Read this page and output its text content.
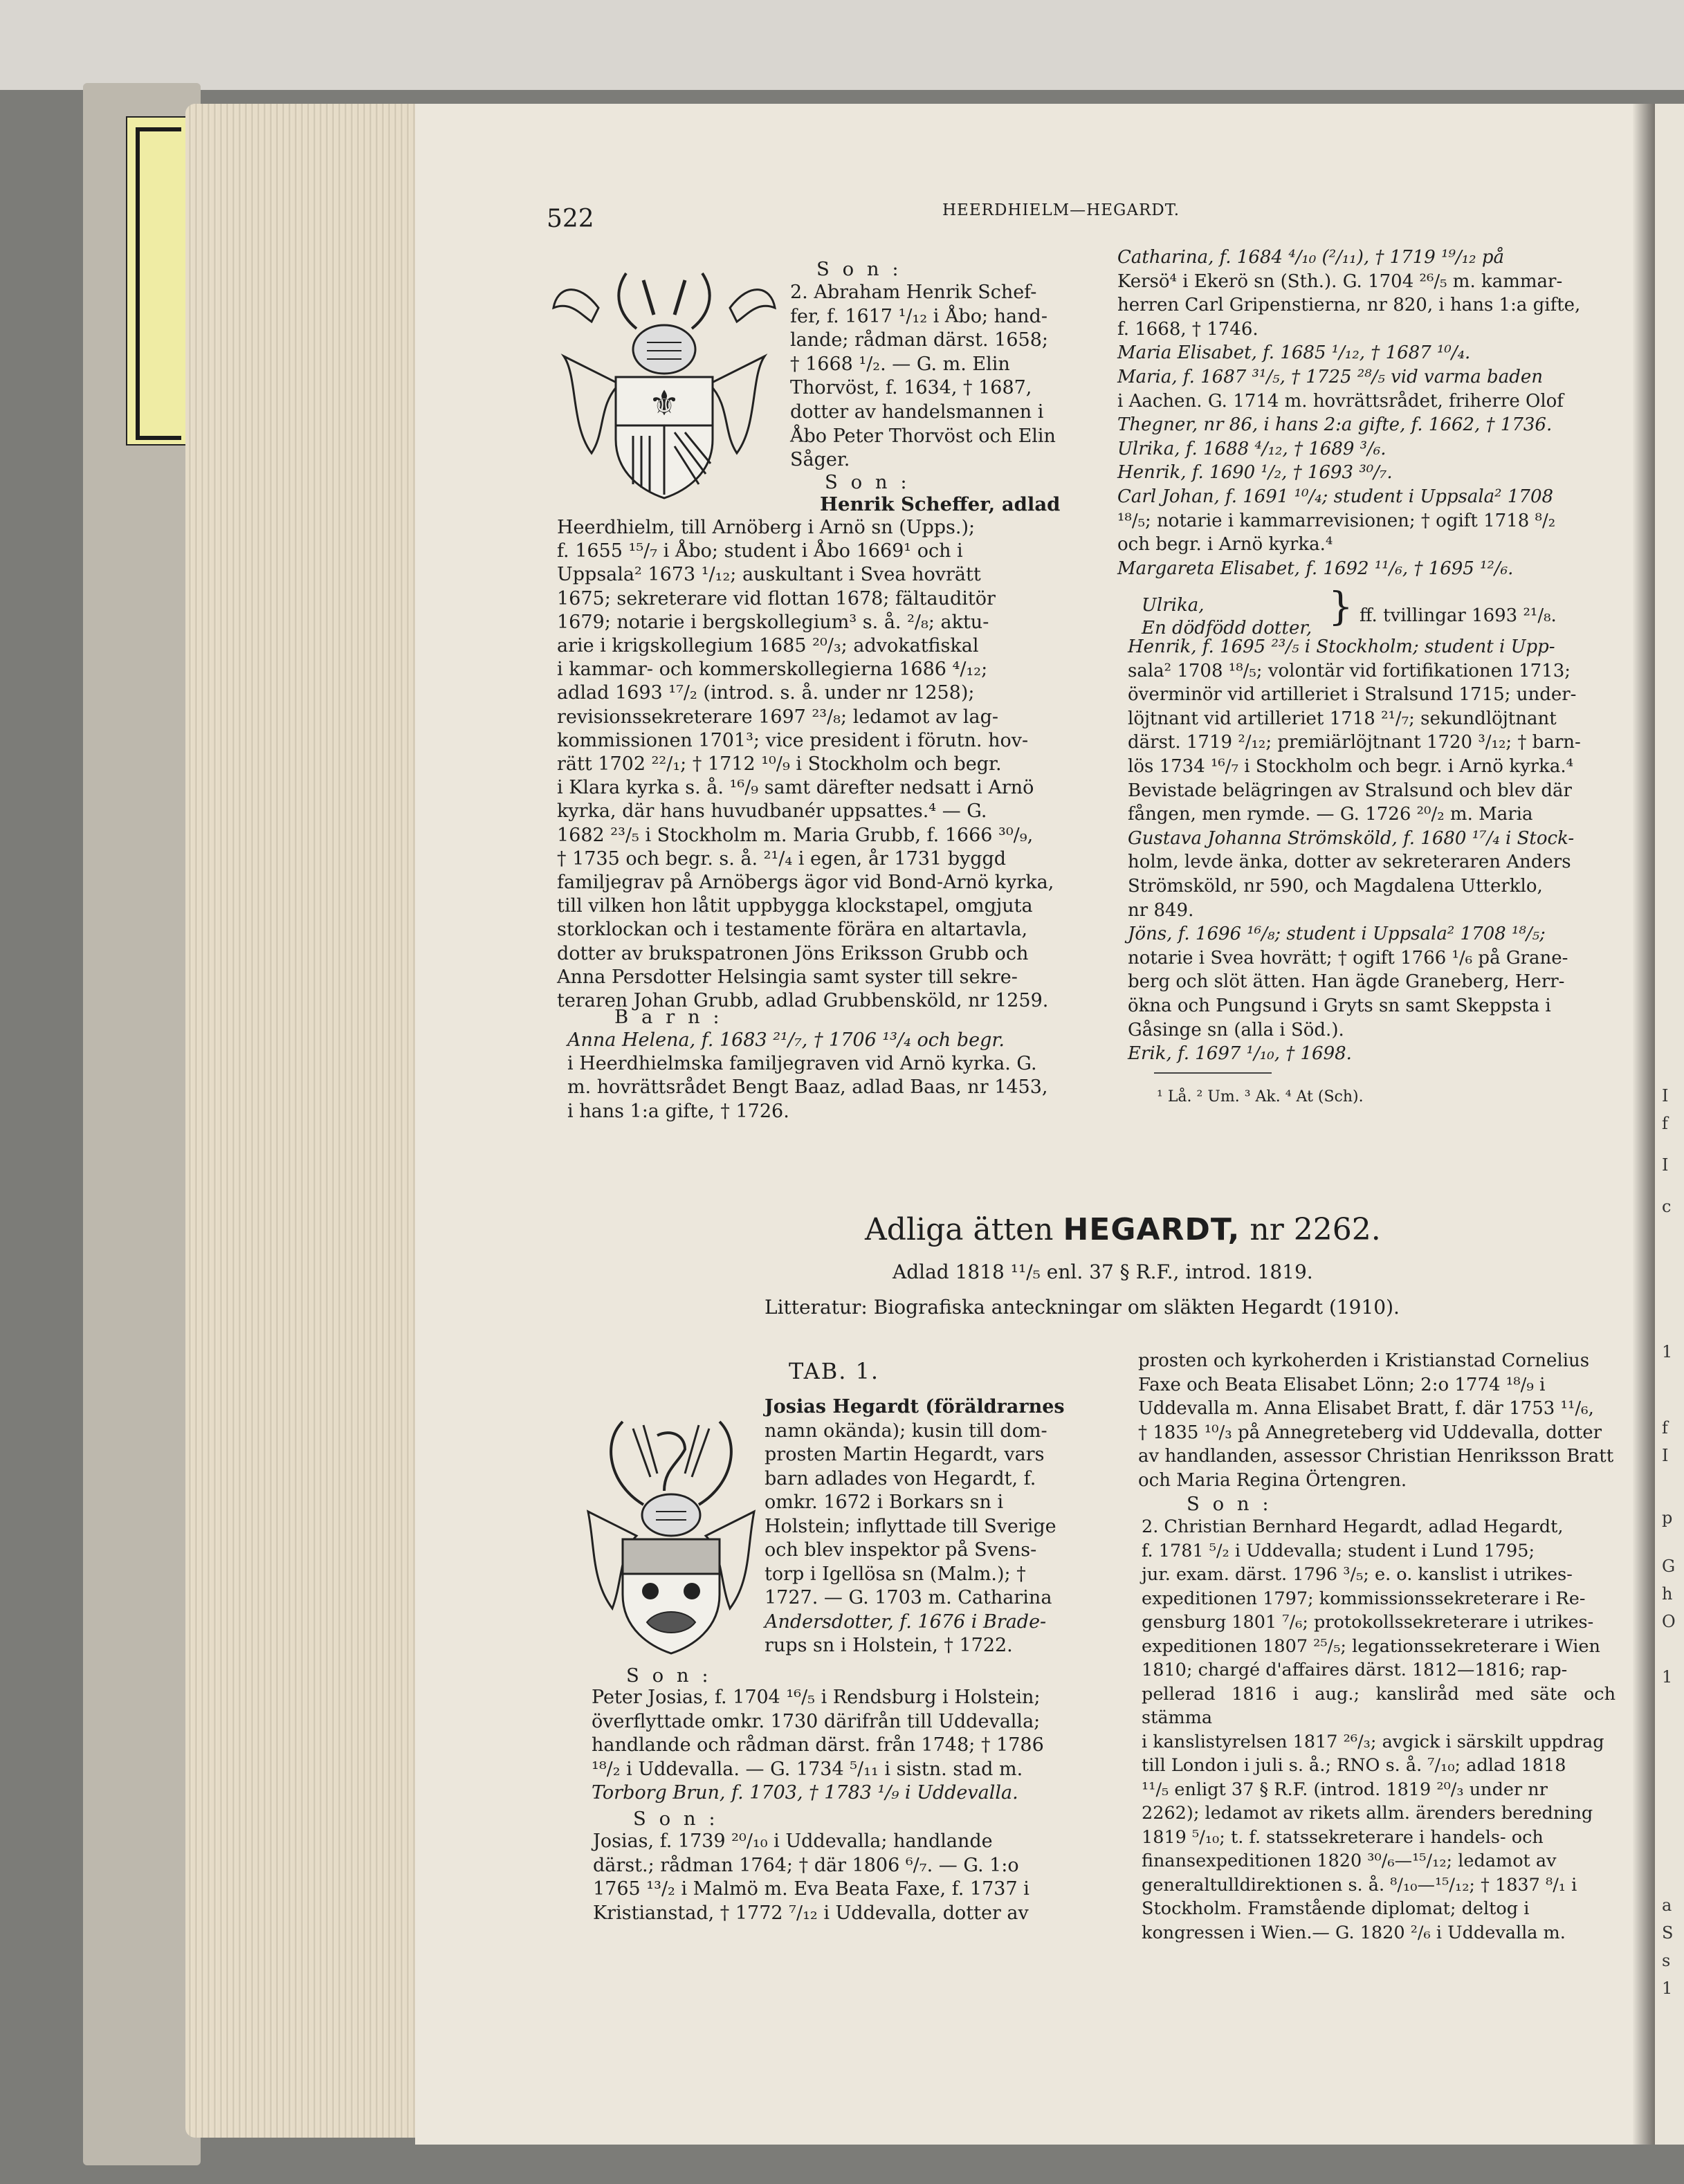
I
f
I
c
1
f
I
p
G
h
O
1
a
S
s
1
522	HEERDHIELM—HEGARDT.
⚜

S o n :

2. Abraham Henrik Schef-

fer, f. 1617 ¹/₁₂ i Åbo; hand-

lande; rådman därst. 1658;

† 1668 ¹/₂. — G. m. Elin

Thorvöst, f. 1634, † 1687,

dotter av handelsmannen i

Åbo Peter Thorvöst och Elin

Såger.

S o n :

Henrik Scheffer, adlad

Heerdhielm, till Arnöberg i Arnö sn (Upps.);

f. 1655 ¹⁵/₇ i Åbo; student i Åbo 1669¹ och i

Uppsala² 1673 ¹/₁₂; auskultant i Svea hovrätt

1675; sekreterare vid flottan 1678; fältauditör

1679; notarie i bergskollegium³ s. å. ²/₈; aktu-

arie i krigskollegium 1685 ²⁰/₃; advokatfiskal

i kammar- och kommerskollegierna 1686 ⁴/₁₂;

adlad 1693 ¹⁷/₂ (introd. s. å. under nr 1258);

revisionssekreterare 1697 ²³/₈; ledamot av lag-

kommissionen 1701³; vice president i förutn. hov-

rätt 1702 ²²/₁; † 1712 ¹⁰/₉ i Stockholm och begr.

i Klara kyrka s. å. ¹⁶/₉ samt därefter nedsatt i Arnö

kyrka, där hans huvudbanér uppsattes.⁴ — G.

1682 ²³/₅ i Stockholm m. Maria Grubb, f. 1666 ³⁰/₉,

† 1735 och begr. s. å. ²¹/₄ i egen, år 1731 byggd

familjegrav på Arnöbergs ägor vid Bond-Arnö kyrka,

till vilken hon låtit uppbygga klockstapel, omgjuta

storklockan och i testamente förära en altartavla,

dotter av brukspatronen Jöns Eriksson Grubb och

Anna Persdotter Helsingia samt syster till sekre-

teraren Johan Grubb, adlad Grubbensköld, nr 1259.

B a r n :

Anna Helena, f. 1683 ²¹/₇, † 1706 ¹³/₄ och begr.

i Heerdhielmska familjegraven vid Arnö kyrka. G.

m. hovrättsrådet Bengt Baaz, adlad Baas, nr 1453,

i hans 1:a gifte, † 1726.

Catharina, f. 1684 ⁴/₁₀ (²/₁₁), † 1719 ¹⁹/₁₂ på

Kersö⁴ i Ekerö sn (Sth.). G. 1704 ²⁶/₅ m. kammar-

herren Carl Gripenstierna, nr 820, i hans 1:a gifte,

f. 1668, † 1746.

Maria Elisabet, f. 1685 ¹/₁₂, † 1687 ¹⁰/₄.

Maria, f. 1687 ³¹/₅, † 1725 ²⁸/₅ vid varma baden

i Aachen. G. 1714 m. hovrättsrådet, friherre Olof

Thegner, nr 86, i hans 2:a gifte, f. 1662, † 1736.

Ulrika, f. 1688 ⁴/₁₂, † 1689 ³/₆.

Henrik, f. 1690 ¹/₂, † 1693 ³⁰/₇.

Carl Johan, f. 1691 ¹⁰/₄; student i Uppsala² 1708

¹⁸/₅; notarie i kammarrevisionen; † ogift 1718 ⁸/₂

och begr. i Arnö kyrka.⁴

Margareta Elisabet, f. 1692 ¹¹/₆, † 1695 ¹²/₆.

Ulrika,
En dödfödd dotter, } ff. tvillingar 1693 ²¹/₈.

Henrik, f. 1695 ²³/₅ i Stockholm; student i Upp-

sala² 1708 ¹⁸/₅; volontär vid fortifikationen 1713;

överminör vid artilleriet i Stralsund 1715; under-

löjtnant vid artilleriet 1718 ²¹/₇; sekundlöjtnant

därst. 1719 ²/₁₂; premiärlöjtnant 1720 ³/₁₂; † barn-

lös 1734 ¹⁶/₇ i Stockholm och begr. i Arnö kyrka.⁴

Bevistade belägringen av Stralsund och blev där

fången, men rymde. — G. 1726 ²⁰/₂ m. Maria

Gustava Johanna Strömsköld, f. 1680 ¹⁷/₄ i Stock-

holm, levde änka, dotter av sekreteraren Anders

Strömsköld, nr 590, och Magdalena Utterklo,

nr 849.

Jöns, f. 1696 ¹⁶/₈; student i Uppsala² 1708 ¹⁸/₅;

notarie i Svea hovrätt; † ogift 1766 ¹/₆ på Grane-

berg och slöt ätten. Han ägde Graneberg, Herr-

ökna och Pungsund i Gryts sn samt Skeppsta i

Gåsinge sn (alla i Söd.).

Erik, f. 1697 ¹/₁₀, † 1698.

¹ Lå. ² Um. ³ Ak. ⁴ At (Sch).
Adliga ätten HEGARDT, nr 2262.
Adlad 1818 ¹¹/₅ enl. 37 § R.F., introd. 1819.
Litteratur: Biografiska anteckningar om släkten Hegardt (1910).
TAB. 1.

Josias Hegardt (föräldrarnes

namn okända); kusin till dom-

prosten Martin Hegardt, vars

barn adlades von Hegardt, f.

omkr. 1672 i Borkars sn i

Holstein; inflyttade till Sverige

och blev inspektor på Svens-

torp i Igellösa sn (Malm.); †

1727. — G. 1703 m. Catharina

Andersdotter, f. 1676 i Brade-

rups sn i Holstein, † 1722.

S o n :

Peter Josias, f. 1704 ¹⁶/₅ i Rendsburg i Holstein;

överflyttade omkr. 1730 därifrån till Uddevalla;

handlande och rådman därst. från 1748; † 1786

¹⁸/₂ i Uddevalla. — G. 1734 ⁵/₁₁ i sistn. stad m.

Torborg Brun, f. 1703, † 1783 ¹/₉ i Uddevalla.

S o n :

Josias, f. 1739 ²⁰/₁₀ i Uddevalla; handlande

därst.; rådman 1764; † där 1806 ⁶/₇. — G. 1:o

1765 ¹³/₂ i Malmö m. Eva Beata Faxe, f. 1737 i

Kristianstad, † 1772 ⁷/₁₂ i Uddevalla, dotter av

prosten och kyrkoherden i Kristianstad Cornelius

Faxe och Beata Elisabet Lönn; 2:o 1774 ¹⁸/₉ i

Uddevalla m. Anna Elisabet Bratt, f. där 1753 ¹¹/₆,

† 1835 ¹⁰/₃ på Annegreteberg vid Uddevalla, dotter

av handlanden, assessor Christian Henriksson Bratt

och Maria Regina Örtengren.

S o n :

2. Christian Bernhard Hegardt, adlad Hegardt,

f. 1781 ⁵/₂ i Uddevalla; student i Lund 1795;

jur. exam. därst. 1796 ³/₅; e. o. kanslist i utrikes-

expeditionen 1797; kommissionssekreterare i Re-

gensburg 1801 ⁷/₆; protokollssekreterare i utrikes-

expeditionen 1807 ²⁵/₅; legationssekreterare i Wien

1810; chargé d'affaires därst. 1812—1816; rap-

pellerad 1816 i aug.; kansliråd med säte och stämma

i kanslistyrelsen 1817 ²⁶/₃; avgick i särskilt uppdrag

till London i juli s. å.; RNO s. å. ⁷/₁₀; adlad 1818

¹¹/₅ enligt 37 § R.F. (introd. 1819 ²⁰/₃ under nr

2262); ledamot av rikets allm. ärenders beredning

1819 ⁵/₁₀; t. f. statssekreterare i handels- och

finansexpeditionen 1820 ³⁰/₆—¹⁵/₁₂; ledamot av

generaltulldirektionen s. å. ⁸/₁₀—¹⁵/₁₂; † 1837 ⁸/₁ i

Stockholm. Framstående diplomat; deltog i

kongressen i Wien.— G. 1820 ²/₆ i Uddevalla m.
